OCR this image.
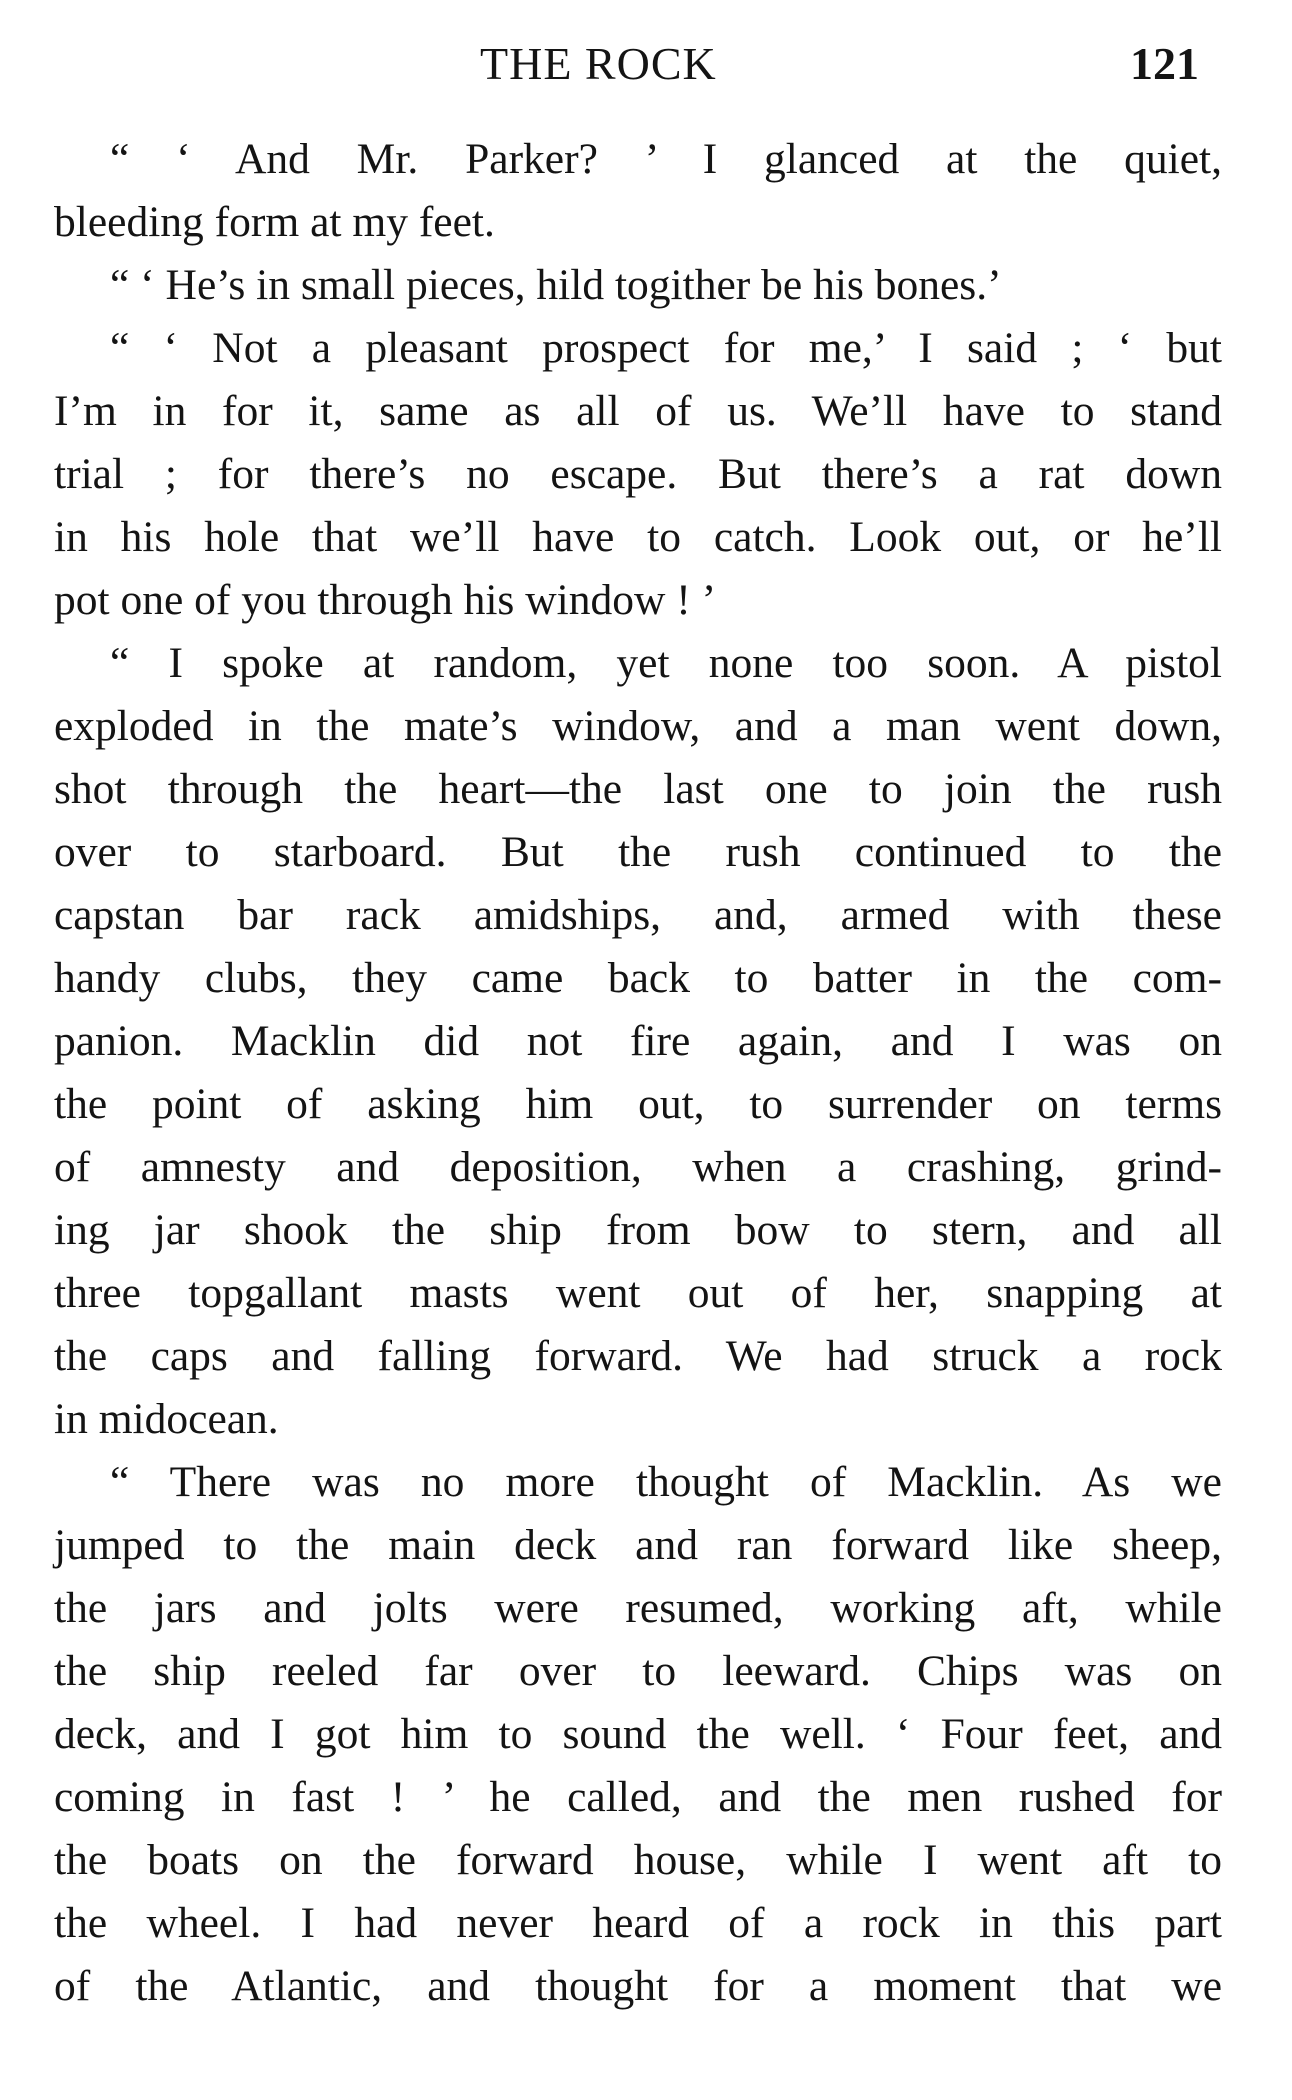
THE ROCK	121

“ ‘ And Mr. Parker? ’ I glanced at the quiet,
bleeding form at my feet.

“ ‘ He’s in small pieces, hild togither be his bones.’

“ ‘ Not a pleasant prospect for me,’ I said ; ‘ but
I’m in for it, same as all of us. We’ll have to stand
trial ; for there’s no escape. But there’s a rat down
in his hole that we’ll have to catch. Look out, or he’ll
pot one of you through his window ! ’

“ I spoke at random, yet none too soon. A pistol
exploded in the mate’s window, and a man went down,
shot through the heart—the last one to join the rush
over to starboard. But the rush continued to the
capstan bar rack amidships, and, armed with these
handy clubs, they came back to batter in the com-
panion. Macklin did not fire again, and I was on
the point of asking him out, to surrender on terms
of amnesty and deposition, when a crashing, grind-
ing jar shook the ship from bow to stern, and all
three topgallant masts went out of her, snapping at
the caps and falling forward. We had struck a rock
in midocean.

“ There was no more thought of Macklin. As we
jumped to the main deck and ran forward like sheep,
the jars and jolts were resumed, working aft, while
the ship reeled far over to leeward. Chips was on
deck, and I got him to sound the well. ‘ Four feet, and
coming in fast ! ’ he called, and the men rushed for
the boats on the forward house, while I went aft to
the wheel. I had never heard of a rock in this part
of the Atlantic, and thought for a moment that we
